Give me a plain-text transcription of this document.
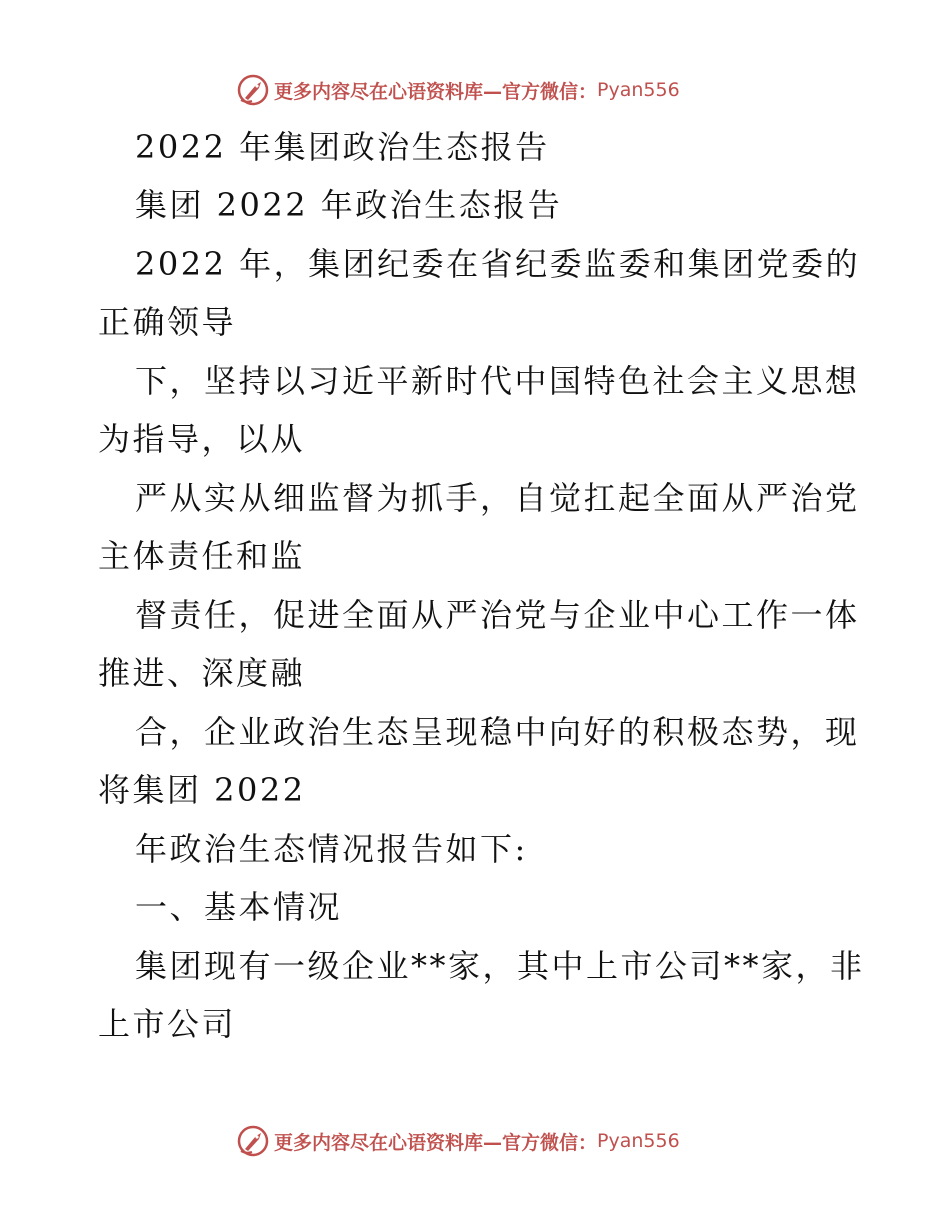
更多内容尽在心语资料库—官方微信： Pyan556
2022 年集团政治生态报告
集团 2022 年政治生态报告
2022 年，集团纪委在省纪委监委和集团党委的
正确领导
下，坚持以习近平新时代中国特色社会主义思想
为指导，以从
严从实从细监督为抓手，自觉扛起全面从严治党
主体责任和监
督责任，促进全面从严治党与企业中心工作一体
推进、深度融
合，企业政治生态呈现稳中向好的积极态势，现
将集团 2022
年政治生态情况报告如下:
一、基本情况
集团现有一级企业**家，其中上市公司**家，非
上市公司
更多内容尽在心语资料库—官方微信： Pyan556
